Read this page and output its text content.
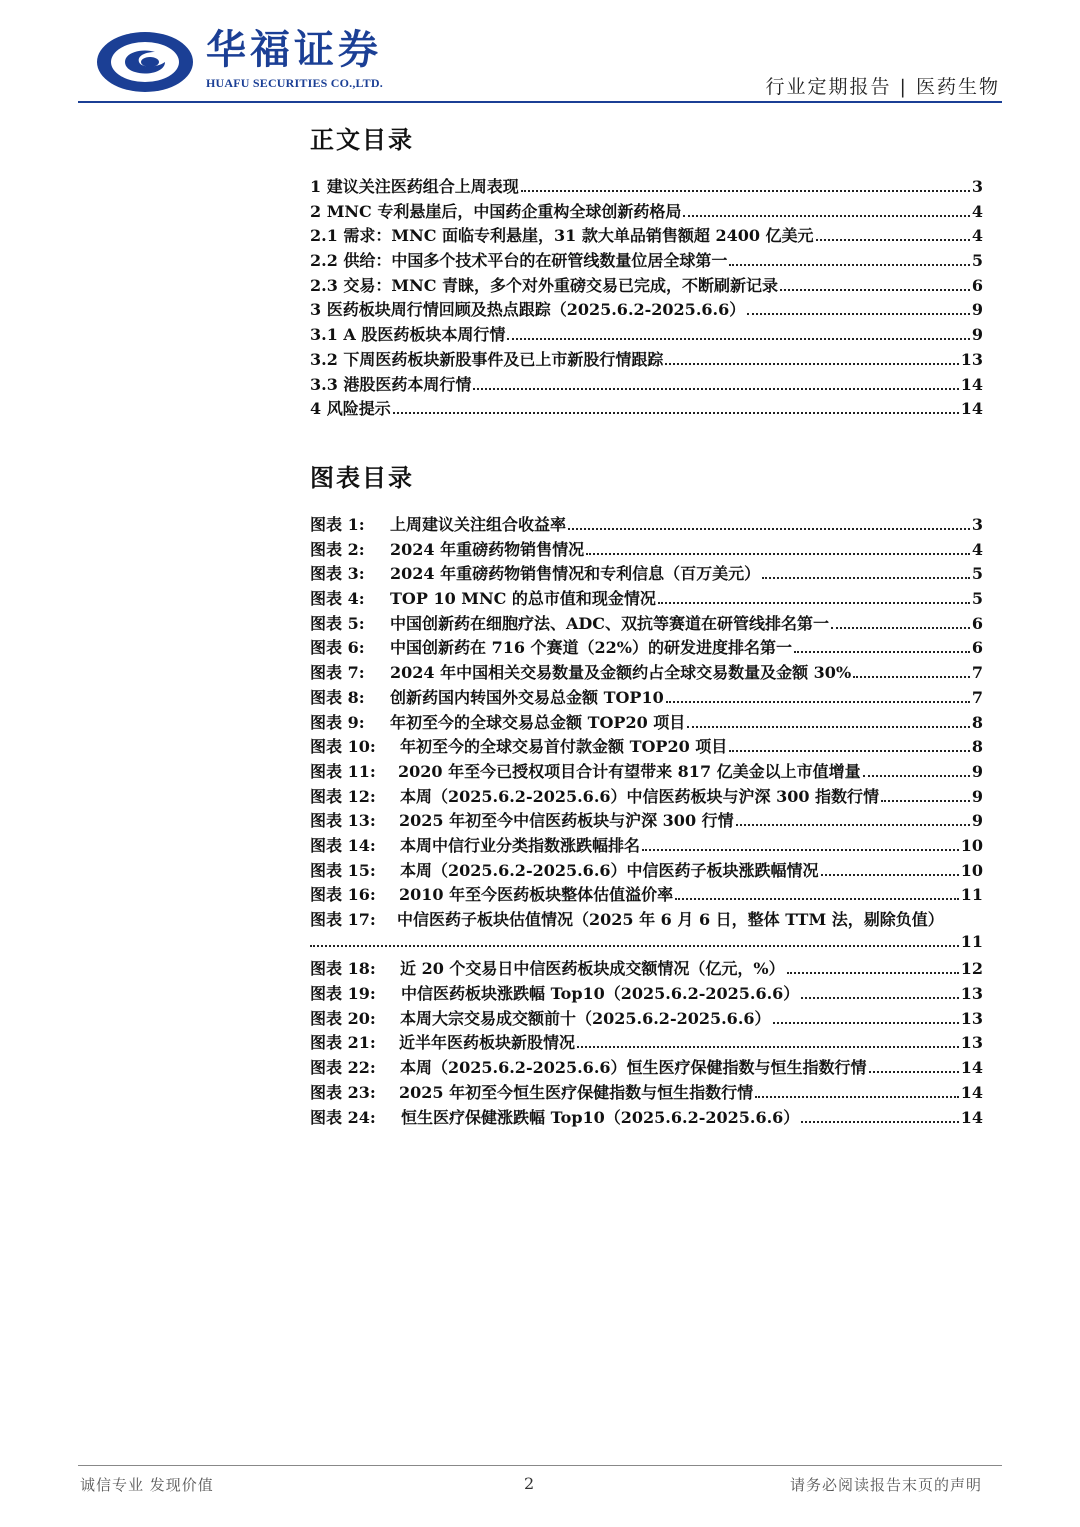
华福证券
HUAFU SECURITIES CO.,LTD.	行业定期报告 | 医药生物
正文目录
1 建议关注医药组合上周表现	3
2 MNC 专利悬崖后，中国药企重构全球创新药格局	4
2.1 需求：MNC 面临专利悬崖，31 款大单品销售额超 2400 亿美元	4
2.2 供给：中国多个技术平台的在研管线数量位居全球第一	5
2.3 交易：MNC 青睐，多个对外重磅交易已完成，不断刷新记录	6
3 医药板块周行情回顾及热点跟踪（2025.6.2-2025.6.6）	9
3.1 A 股医药板块本周行情	9
3.2 下周医药板块新股事件及已上市新股行情跟踪	13
3.3 港股医药本周行情	14
4 风险提示	14
图表目录
图表 1:	上周建议关注组合收益率	3
图表 2:	2024 年重磅药物销售情况	4
图表 3:	2024 年重磅药物销售情况和专利信息（百万美元）	5
图表 4:	TOP 10 MNC 的总市值和现金情况	5
图表 5:	中国创新药在细胞疗法、ADC、双抗等赛道在研管线排名第一	6
图表 6:	中国创新药在 716 个赛道（22%）的研发进度排名第一	6
图表 7:	2024 年中国相关交易数量及金额约占全球交易数量及金额 30%	7
图表 8:	创新药国内转国外交易总金额 TOP10	7
图表 9:	年初至今的全球交易总金额 TOP20 项目	8
图表 10:	年初至今的全球交易首付款金额 TOP20 项目	8
图表 11:	2020 年至今已授权项目合计有望带来 817 亿美金以上市值增量	9
图表 12:	本周（2025.6.2-2025.6.6）中信医药板块与沪深 300 指数行情	9
图表 13:	2025 年初至今中信医药板块与沪深 300 行情	9
图表 14:	本周中信行业分类指数涨跌幅排名	10
图表 15:	本周（2025.6.2-2025.6.6）中信医药子板块涨跌幅情况	10
图表 16:	2010 年至今医药板块整体估值溢价率	11
图表 17:	中信医药子板块估值情况（2025 年 6 月 6 日，整体 TTM 法，剔除负值）
11
图表 18:	近 20 个交易日中信医药板块成交额情况（亿元，%）	12
图表 19:	中信医药板块涨跌幅 Top10（2025.6.2-2025.6.6）	13
图表 20:	本周大宗交易成交额前十（2025.6.2-2025.6.6）	13
图表 21:	近半年医药板块新股情况	13
图表 22:	本周（2025.6.2-2025.6.6）恒生医疗保健指数与恒生指数行情	14
图表 23:	2025 年初至今恒生医疗保健指数与恒生指数行情	14
图表 24:	恒生医疗保健涨跌幅 Top10（2025.6.2-2025.6.6）	14
诚信专业 发现价值	2	请务必阅读报告末页的声明
